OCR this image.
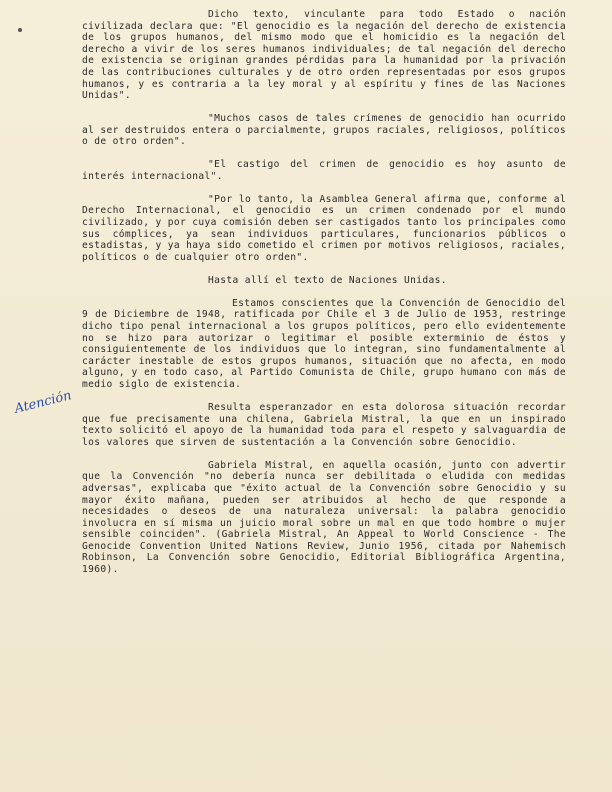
Atención

Dicho texto, vinculante para todo Estado o nación civilizada declara que: "El genocidio es la negación del derecho de existencia de los grupos humanos, del mismo modo que el homicidio es la negación del derecho a vivir de los seres humanos individuales; de tal negación del derecho de existencia se originan grandes pérdidas para la humanidad por la privación de las contribuciones culturales y de otro orden representadas por esos grupos humanos, y es contraria a la ley moral y al espíritu y fines de las Naciones Unidas".

"Muchos casos de tales crímenes de genocidio han ocurrido al ser destruidos entera o parcialmente, grupos raciales, religiosos, políticos o de otro orden".

"El castigo del crimen de genocidio es hoy asunto de interés internacional".

"Por lo tanto, la Asamblea General afirma que, conforme al Derecho Internacional, el genocidio es un crimen condenado por el mundo civilizado, y por cuya comisión deben ser castigados tanto los principales como sus cómplices, ya sean individuos particulares, funcionarios públicos o estadistas, y ya haya sido cometido el crimen por motivos religiosos, raciales, políticos o de cualquier otro orden".

Hasta allí el texto de Naciones Unidas.

Estamos conscientes que la Convención de Genocidio del 9 de Diciembre de 1948, ratificada por Chile el 3 de Julio de 1953, restringe dicho tipo penal internacional a los grupos políticos, pero ello evidentemente no se hizo para autorizar o legitimar el posible exterminio de éstos y consiguientemente de los individuos que lo integran, sino fundamentalmente al carácter inestable de estos grupos humanos, situación que no afecta, en modo alguno, y en todo caso, al Partido Comunista de Chile, grupo humano con más de medio siglo de existencia.

Resulta esperanzador en esta dolorosa situación recordar que fue precisamente una chilena, Gabriela Mistral, la que en un inspirado texto solicitó el apoyo de la humanidad toda para el respeto y salvaguardia de los valores que sirven de sustentación a la Convención sobre Genocidio.

Gabriela Mistral, en aquella ocasión, junto con advertir que la Convención "no debería nunca ser debilitada o eludida con medidas adversas", explicaba que "éxito actual de la Convención sobre Genocidio y su mayor éxito mañana, pueden ser atribuidos al hecho de que responde a necesidades o deseos de una naturaleza universal: la palabra genocidio involucra en sí misma un juicio moral sobre un mal en que todo hombre o mujer sensible coinciden". (Gabriela Mistral, An Appeal to World Conscience - The Genocide Convention United Nations Review, Junio 1956, citada por Nahemisch Robinson, La Convención sobre Genocidio, Editorial Bibliográfica Argentina, 1960).
